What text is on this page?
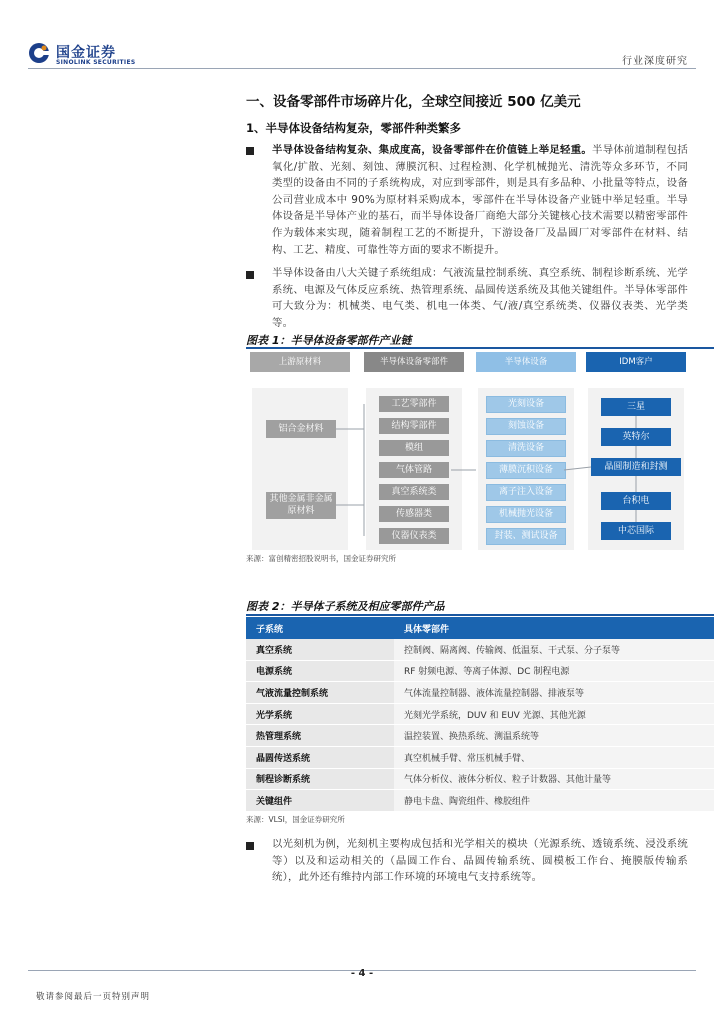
国金证券
SINOLINK SECURITIES	行业深度研究
一、设备零部件市场碎片化，全球空间接近 500 亿美元
1、半导体设备结构复杂，零部件种类繁多
半导体设备结构复杂、集成度高，设备零部件在价值链上举足轻重。半导体前道制程包括氧化/扩散、光刻、刻蚀、薄膜沉积、过程检测、化学机械抛光、清洗等众多环节，不同类型的设备由不同的子系统构成，对应到零部件，则是具有多品种、小批量等特点，设备公司营业成本中 90%为原材料采购成本，零部件在半导体设备产业链中举足轻重。半导体设备是半导体产业的基石，而半导体设备厂商绝大部分关键核心技术需要以精密零部件作为载体来实现，随着制程工艺的不断提升，下游设备厂及晶圆厂对零部件在材料、结构、工艺、精度、可靠性等方面的要求不断提升。
半导体设备由八大关键子系统组成：气液流量控制系统、真空系统、制程诊断系统、光学系统、电源及气体反应系统、热管理系统、晶圆传送系统及其他关键组件。半导体零部件可大致分为：机械类、电气类、机电一体类、气/液/真空系统类、仪器仪表类、光学类等。
图表 1：半导体设备零部件产业链
上游原材料	半导体设备零部件	半导体设备	IDM客户
铝合金材料
其他金属非金属原材料
工艺零部件
结构零部件
模组
气体管路
真空系统类
传感器类
仪器仪表类
光刻设备
刻蚀设备
清洗设备
薄膜沉积设备
离子注入设备
机械抛光设备
封装、测试设备
三星
英特尔
晶圆制造和封测
台积电
中芯国际
来源：富创精密招股说明书，国金证券研究所
图表 2：半导体子系统及相应零部件产品
子系统	具体零部件
真空系统	控制阀、隔离阀、传输阀、低温泵、干式泵、分子泵等
电源系统	RF 射频电源、等离子体源、DC 制程电源
气液流量控制系统	气体流量控制器、液体流量控制器、排液泵等
光学系统	光刻光学系统，DUV 和 EUV 光源、其他光源
热管理系统	温控装置、换热系统、测温系统等
晶圆传送系统	真空机械手臂、常压机械手臂、
制程诊断系统	气体分析仪、液体分析仪、粒子计数器、其他计量等
关键组件	静电卡盘、陶瓷组件、橡胶组件
来源：VLSI，国金证券研究所
以光刻机为例，光刻机主要构成包括和光学相关的模块（光源系统、透镜系统、浸没系统等）以及和运动相关的（晶圆工作台、晶圆传输系统、圆模板工作台、掩膜版传输系统），此外还有维持内部工作环境的环境电气支持系统等。
- 4 -
敬请参阅最后一页特别声明
